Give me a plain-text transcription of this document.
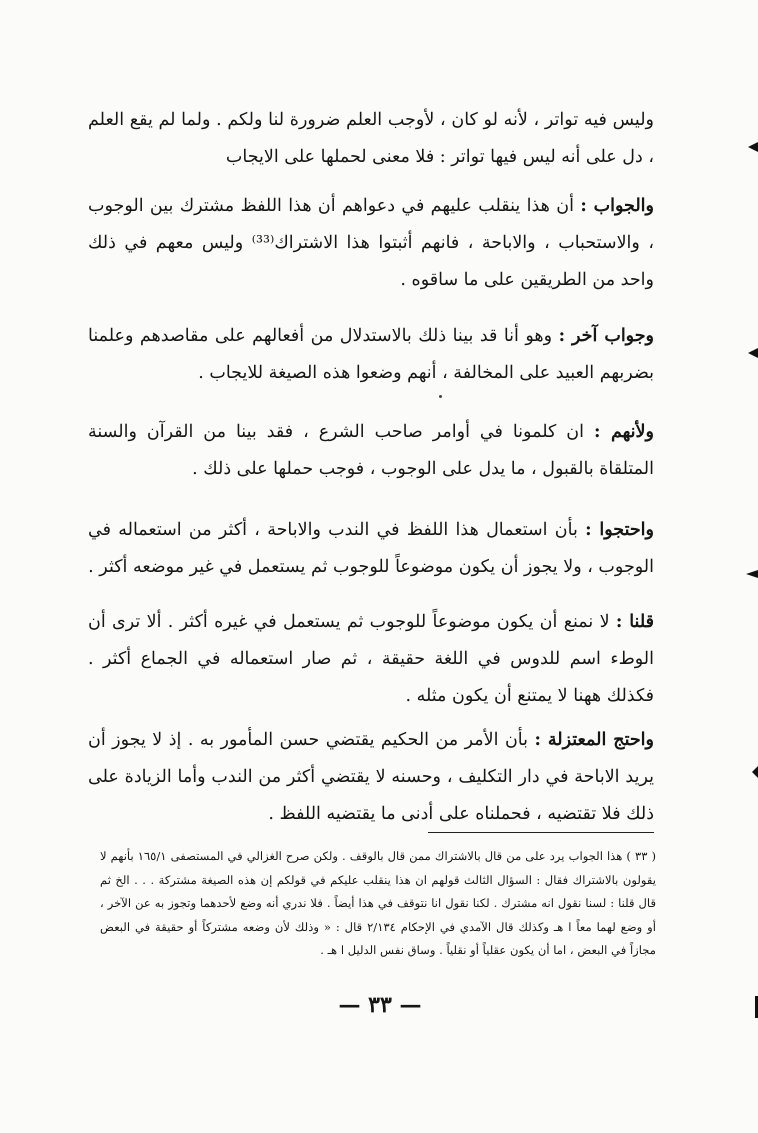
وليس فيه تواتر ، لأنه لو كان ، لأوجب العلم ضرورة لنا ولكم . ولما لم يقع العلم ، دل على أنه ليس فيها تواتر : فلا معنى لحملها على الايجاب

والجواب : أن هذا ينقلب عليهم في دعواهم أن هذا اللفظ مشترك بين الوجوب ، والاستحباب ، والاباحة ، فانهم أثبتوا هذا الاشتراك⁽³³⁾ وليس معهم في ذلك واحد من الطريقين على ما ساقوه .

وجواب آخر : وهو أنا قد بينا ذلك بالاستدلال من أفعالهم على مقاصدهم وعلمنا بضربهم العبيد على المخالفة ، أنهم وضعوا هذه الصيغة للايجاب .

ولأنهم : ان كلمونا في أوامر صاحب الشرع ، فقد بينا من القرآن والسنة المتلقاة بالقبول ، ما يدل على الوجوب ، فوجب حملها على ذلك .

واحتجوا : بأن استعمال هذا اللفظ في الندب والاباحة ، أكثر من استعماله في الوجوب ، ولا يجوز أن يكون موضوعاً للوجوب ثم يستعمل في غير موضعه أكثر .

قلنا : لا نمنع أن يكون موضوعاً للوجوب ثم يستعمل في غيره أكثر . ألا ترى أن الوطء اسم للدوس في اللغة حقيقة ، ثم صار استعماله في الجماع أكثر . فكذلك ههنا لا يمتنع أن يكون مثله .

واحتج المعتزلة : بأن الأمر من الحكيم يقتضي حسن المأمور به . إذ لا يجوز أن يريد الاباحة في دار التكليف ، وحسنه لا يقتضي أكثر من الندب وأما الزيادة على ذلك فلا تقتضيه ، فحملناه على أدنى ما يقتضيه اللفظ .

( ٣٣ ) هذا الجواب يرد على من قال بالاشتراك ممن قال بالوقف . ولكن صرح الغزالي في المستصفى ١٦٥/١ بأنهم لا يقولون بالاشتراك فقال : السؤال الثالث قولهم ان هذا ينقلب عليكم في قولكم إن هذه الصيغة مشتركة . . . الخ ثم قال قلنا : لسنا نقول انه مشترك . لكنا نقول انا نتوقف في هذا أيضاً . فلا ندري أنه وضع لأحدهما وتجوز به عن الآخر ، أو وضع لهما معاً ا هـ وكذلك قال الآمدي في الإحكام ٢/١٣٤ قال : « وذلك لأن وضعه مشتركاً أو حقيقة في البعض مجازاً في البعض ، اما أن يكون عقلياً أو نقلياً . وساق نفس الدليل ا هـ .

— ٣٣ —
